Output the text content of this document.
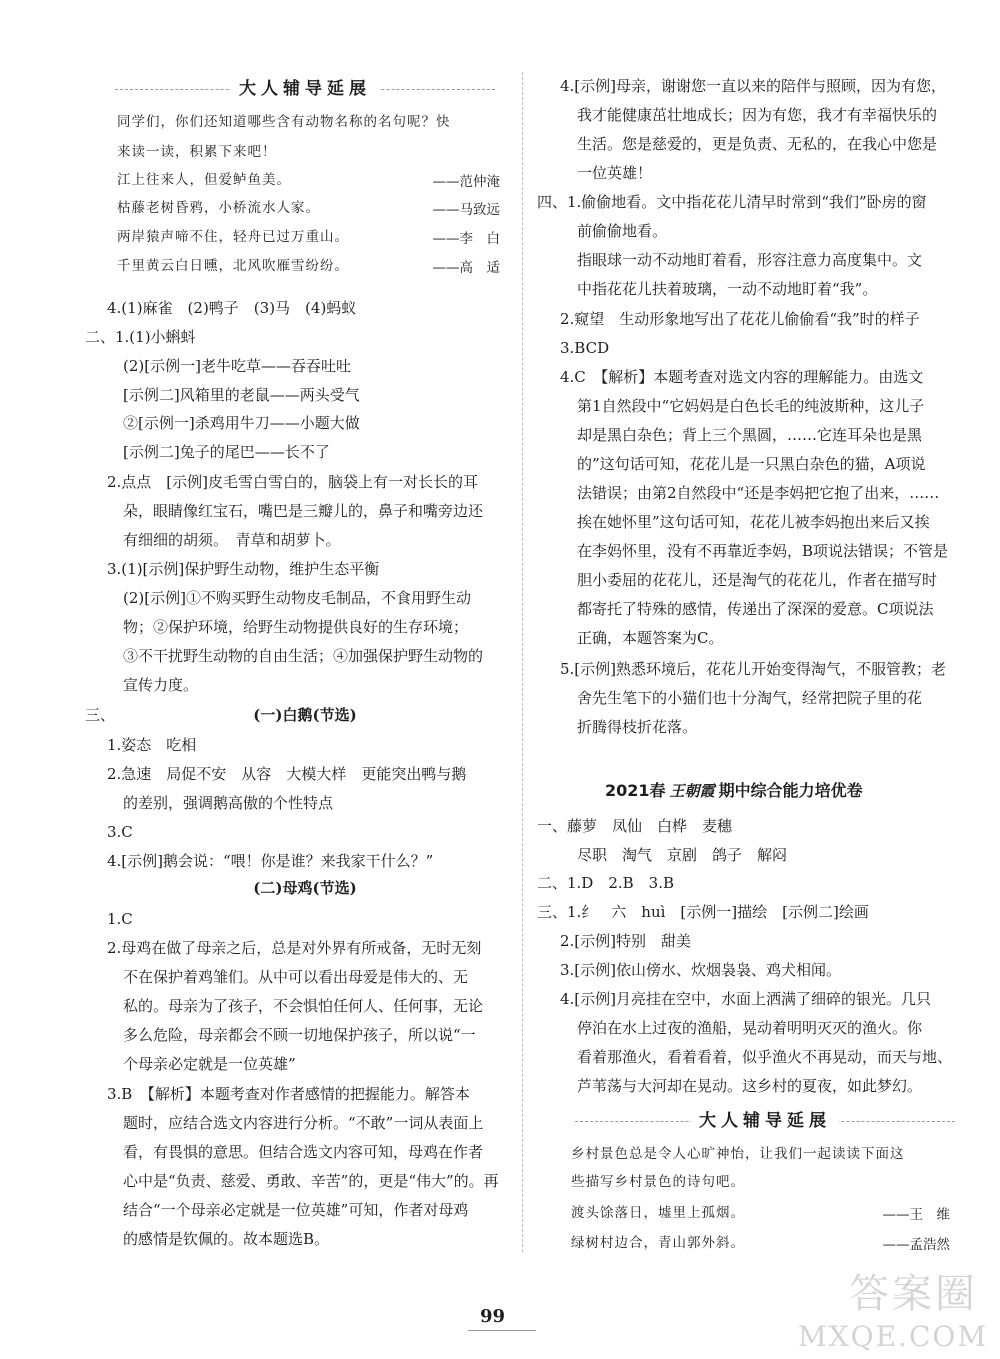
大人辅导延展
同学们，你们还知道哪些含有动物名称的名句呢？快
来读一读，积累下来吧！
江上往来人，但爱鲈鱼美。	——范仲淹
枯藤老树昏鸦，小桥流水人家。	——马致远
两岸猿声啼不住，轻舟已过万重山。	——李　白
千里黄云白日曛，北风吹雁雪纷纷。	——高　适
4.(1)麻雀　(2)鸭子　(3)马　(4)蚂蚁
二、1.(1)小蝌蚪
(2)[示例一]老牛吃草——吞吞吐吐
[示例二]风箱里的老鼠——两头受气
②[示例一]杀鸡用牛刀——小题大做
[示例二]兔子的尾巴——长不了
2.点点　[示例]皮毛雪白雪白的，脑袋上有一对长长的耳
朵，眼睛像红宝石，嘴巴是三瓣儿的，鼻子和嘴旁边还
有细细的胡须。　青草和胡萝卜。
3.(1)[示例]保护野生动物，维护生态平衡
(2)[示例]①不购买野生动物皮毛制品，不食用野生动
物；②保护环境，给野生动物提供良好的生存环境；
③不干扰野生动物的自由生活；④加强保护野生动物的
宣传力度。
三、	(一)白鹅(节选)
1.姿态　吃相
2.急速　局促不安　从容　大模大样　更能突出鸭与鹅
的差别，强调鹅高傲的个性特点
3.C
4.[示例]鹅会说：“喂！你是谁？来我家干什么？”
(二)母鸡(节选)
1.C
2.母鸡在做了母亲之后，总是对外界有所戒备，无时无刻
不在保护着鸡雏们。从中可以看出母爱是伟大的、无
私的。母亲为了孩子，不会惧怕任何人、任何事，无论
多么危险，母亲都会不顾一切地保护孩子，所以说“一
个母亲必定就是一位英雄”
3.B　【解析】本题考查对作者感情的把握能力。解答本
题时，应结合选文内容进行分析。“不敢”一词从表面上
看，有畏惧的意思。但结合选文内容可知，母鸡在作者
心中是“负责、慈爱、勇敢、辛苦”的，更是“伟大”的。再
结合“一个母亲必定就是一位英雄”可知，作者对母鸡
的感情是钦佩的。故本题选B。
4.[示例]母亲，谢谢您一直以来的陪伴与照顾，因为有您，
我才能健康茁壮地成长；因为有您，我才有幸福快乐的
生活。您是慈爱的，更是负责、无私的，在我心中您是
一位英雄！
四、1.偷偷地看。文中指花花儿清早时常到“我们”卧房的窗
前偷偷地看。
指眼球一动不动地盯着看，形容注意力高度集中。文
中指花花儿扶着玻璃，一动不动地盯着“我”。
2.窥望　生动形象地写出了花花儿偷偷看“我”时的样子
3.BCD
4.C　【解析】本题考查对选文内容的理解能力。由选文
第1自然段中“它妈妈是白色长毛的纯波斯种，这儿子
却是黑白杂色；背上三个黑圆，……它连耳朵也是黑
的”这句话可知，花花儿是一只黑白杂色的猫，A项说
法错误；由第2自然段中“还是李妈把它抱了出来，……
挨在她怀里”这句话可知，花花儿被李妈抱出来后又挨
在李妈怀里，没有不再靠近李妈，B项说法错误；不管是
胆小委屈的花花儿，还是淘气的花花儿，作者在描写时
都寄托了特殊的感情，传递出了深深的爱意。C项说法
正确，本题答案为C。
5.[示例]熟悉环境后，花花儿开始变得淘气，不服管教；老
舍先生笔下的小猫们也十分淘气，经常把院子里的花
折腾得枝折花落。
2021春 王朝霞 期中综合能力培优卷
一、藤萝　凤仙　白桦　麦穗
尽职　淘气　京剧　鸽子　解闷
二、1.D　2.B　3.B
三、1.纟　六　huì　[示例一]描绘　[示例二]绘画
2.[示例]特别　甜美
3.[示例]依山傍水、炊烟袅袅、鸡犬相闻。
4.[示例]月亮挂在空中，水面上洒满了细碎的银光。几只
停泊在水上过夜的渔船，晃动着明明灭灭的渔火。你
看着那渔火，看着看着，似乎渔火不再晃动，而天与地、
芦苇荡与大河却在晃动。这乡村的夏夜，如此梦幻。
大人辅导延展
乡村景色总是令人心旷神怡，让我们一起读读下面这
些描写乡村景色的诗句吧。
渡头馀落日，墟里上孤烟。	——王　维
绿树村边合，青山郭外斜。	——孟浩然
99	答案圈
MXQE.COM
